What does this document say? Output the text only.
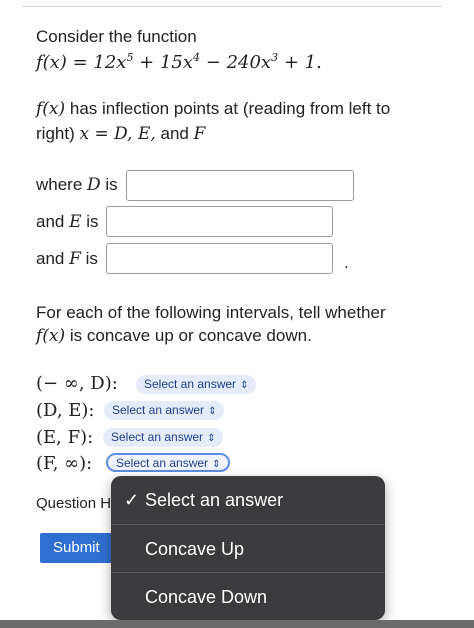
Consider the function
$f(x) = 12x^5 + 15x^4 - 240x^3 + 1$.
f(x) has inflection points at (reading from left to
right) x = D, E, and F
where D is
and E is
and F is	.
For each of the following intervals, tell whether
f(x) is concave up or concave down.
(− ∞, D):	Select an answer ⇕
(D, E):	Select an answer ⇕
(E, F):	Select an answer ⇕
(F, ∞):	Select an answer ⇕
Question H
Submit
✓ Select an answer
Concave Up
Concave Down
